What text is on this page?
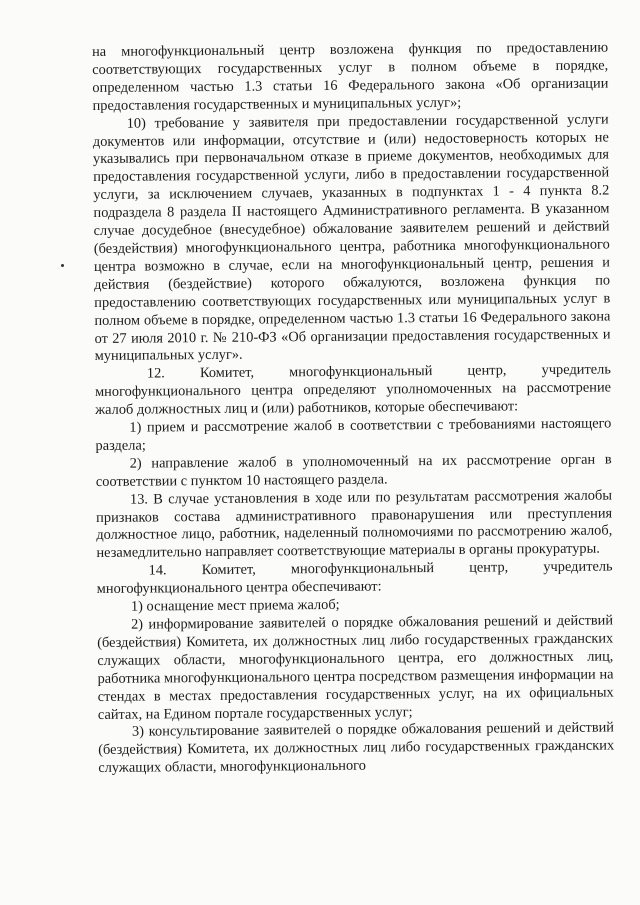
на многофункциональный центр возложена функция по предоставлению соответствующих государственных услуг в полном объеме в порядке, определенном частью 1.3 статьи 16 Федерального закона «Об организации предоставления государственных и муниципальных услуг»;

10) требование у заявителя при предоставлении государственной услуги документов или информации, отсутствие и (или) недостоверность которых не указывались при первоначальном отказе в приеме документов, необходимых для предоставления государственной услуги, либо в предоставлении государственной услуги, за исключением случаев, указанных в подпунктах 1 - 4 пункта 8.2 подраздела 8 раздела II настоящего Административного регламента. В указанном случае досудебное (внесудебное) обжалование заявителем решений и действий (бездействия) многофункционального центра, работника многофункционального центра возможно в случае, если на многофункциональный центр, решения и действия (бездействие) которого обжалуются, возложена функция по предоставлению соответствующих государственных или муниципальных услуг в полном объеме в порядке, определенном частью 1.3 статьи 16 Федерального закона от 27 июля 2010 г. № 210-ФЗ «Об организации предоставления государственных и муниципальных услуг».

12. Комитет, многофункциональный центр, учредитель многофункционального центра определяют уполномоченных на рассмотрение жалоб должностных лиц и (или) работников, которые обеспечивают:

1) прием и рассмотрение жалоб в соответствии с требованиями настоящего раздела;

2) направление жалоб в уполномоченный на их рассмотрение орган в соответствии с пунктом 10 настоящего раздела.

13. В случае установления в ходе или по результатам рассмотрения жалобы признаков состава административного правонарушения или преступления должностное лицо, работник, наделенный полномочиями по рассмотрению жалоб, незамедлительно направляет соответствующие материалы в органы прокуратуры.

14. Комитет, многофункциональный центр, учредитель многофункционального центра обеспечивают:

1) оснащение мест приема жалоб;

2) информирование заявителей о порядке обжалования решений и действий (бездействия) Комитета, их должностных лиц либо государственных гражданских служащих области, многофункционального центра, его должностных лиц, работника многофункционального центра посредством размещения информации на стендах в местах предоставления государственных услуг, на их официальных сайтах, на Едином портале государственных услуг;

3) консультирование заявителей о порядке обжалования решений и действий (бездействия) Комитета, их должностных лиц либо государственных гражданских служащих области, многофункционального
